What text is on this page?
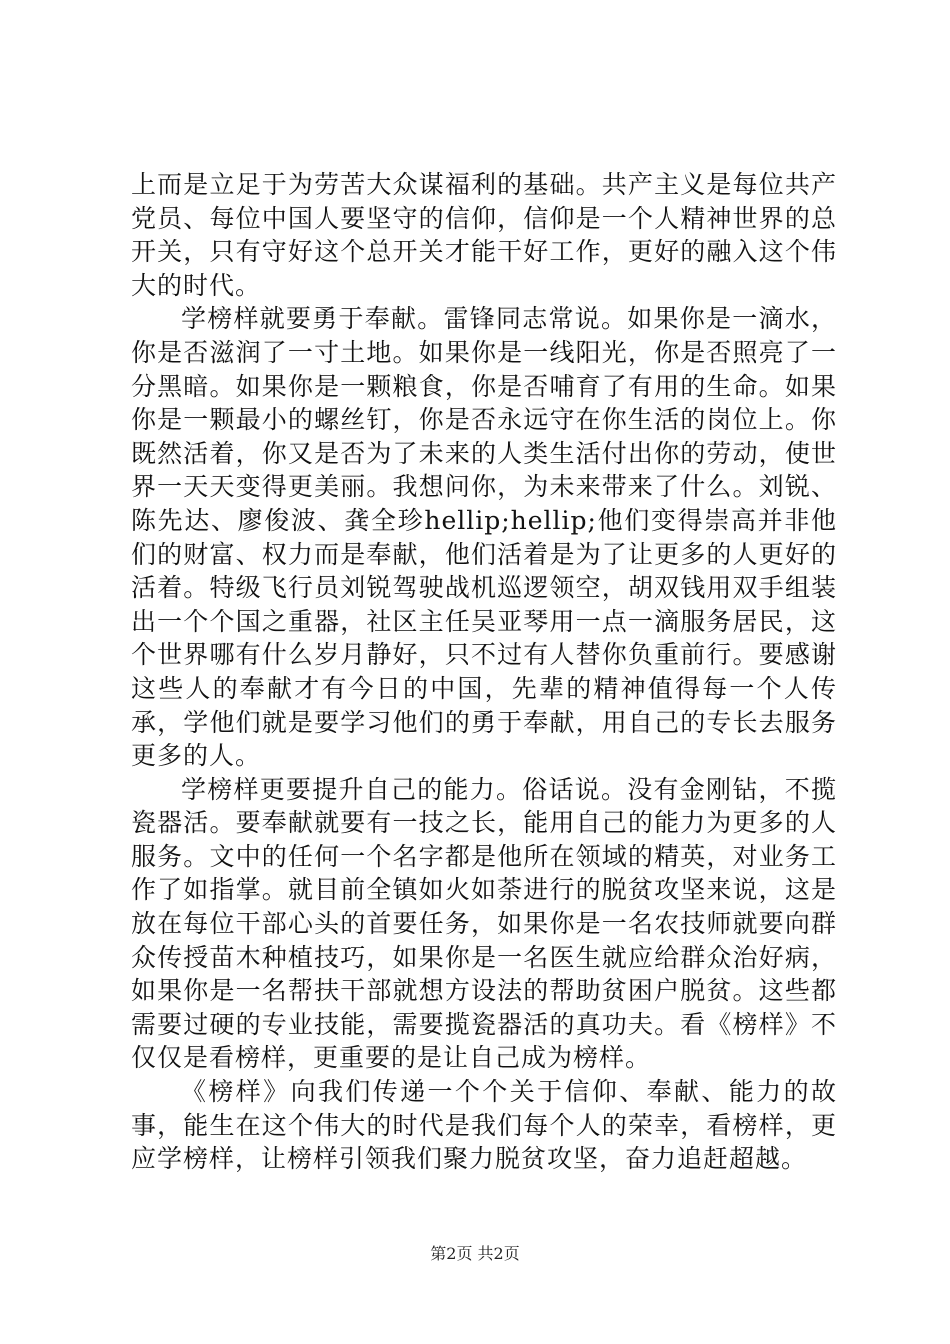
上而是立足于为劳苦大众谋福利的基础。共产主义是每位共产党员、每位中国人要坚守的信仰，信仰是一个人精神世界的总开关，只有守好这个总开关才能干好工作，更好的融入这个伟大的时代。

学榜样就要勇于奉献。雷锋同志常说。如果你是一滴水，你是否滋润了一寸土地。如果你是一线阳光，你是否照亮了一分黑暗。如果你是一颗粮食，你是否哺育了有用的生命。如果你是一颗最小的螺丝钉，你是否永远守在你生活的岗位上。你既然活着，你又是否为了未来的人类生活付出你的劳动，使世界一天天变得更美丽。我想问你，为未来带来了什么。刘锐、陈先达、廖俊波、龚全珍hellip;hellip;他们变得崇高并非他们的财富、权力而是奉献，他们活着是为了让更多的人更好的活着。特级飞行员刘锐驾驶战机巡逻领空，胡双钱用双手组装出一个个国之重器，社区主任吴亚琴用一点一滴服务居民，这个世界哪有什么岁月静好，只不过有人替你负重前行。要感谢这些人的奉献才有今日的中国，先辈的精神值得每一个人传承，学他们就是要学习他们的勇于奉献，用自己的专长去服务更多的人。

学榜样更要提升自己的能力。俗话说。没有金刚钻，不揽瓷器活。要奉献就要有一技之长，能用自己的能力为更多的人服务。文中的任何一个名字都是他所在领域的精英，对业务工作了如指掌。就目前全镇如火如荼进行的脱贫攻坚来说，这是放在每位干部心头的首要任务，如果你是一名农技师就要向群众传授苗木种植技巧，如果你是一名医生就应给群众治好病，如果你是一名帮扶干部就想方设法的帮助贫困户脱贫。这些都需要过硬的专业技能，需要揽瓷器活的真功夫。看《榜样》不仅仅是看榜样，更重要的是让自己成为榜样。

《榜样》向我们传递一个个关于信仰、奉献、能力的故事，能生在这个伟大的时代是我们每个人的荣幸，看榜样，更应学榜样，让榜样引领我们聚力脱贫攻坚，奋力追赶超越。

第2页 共2页
